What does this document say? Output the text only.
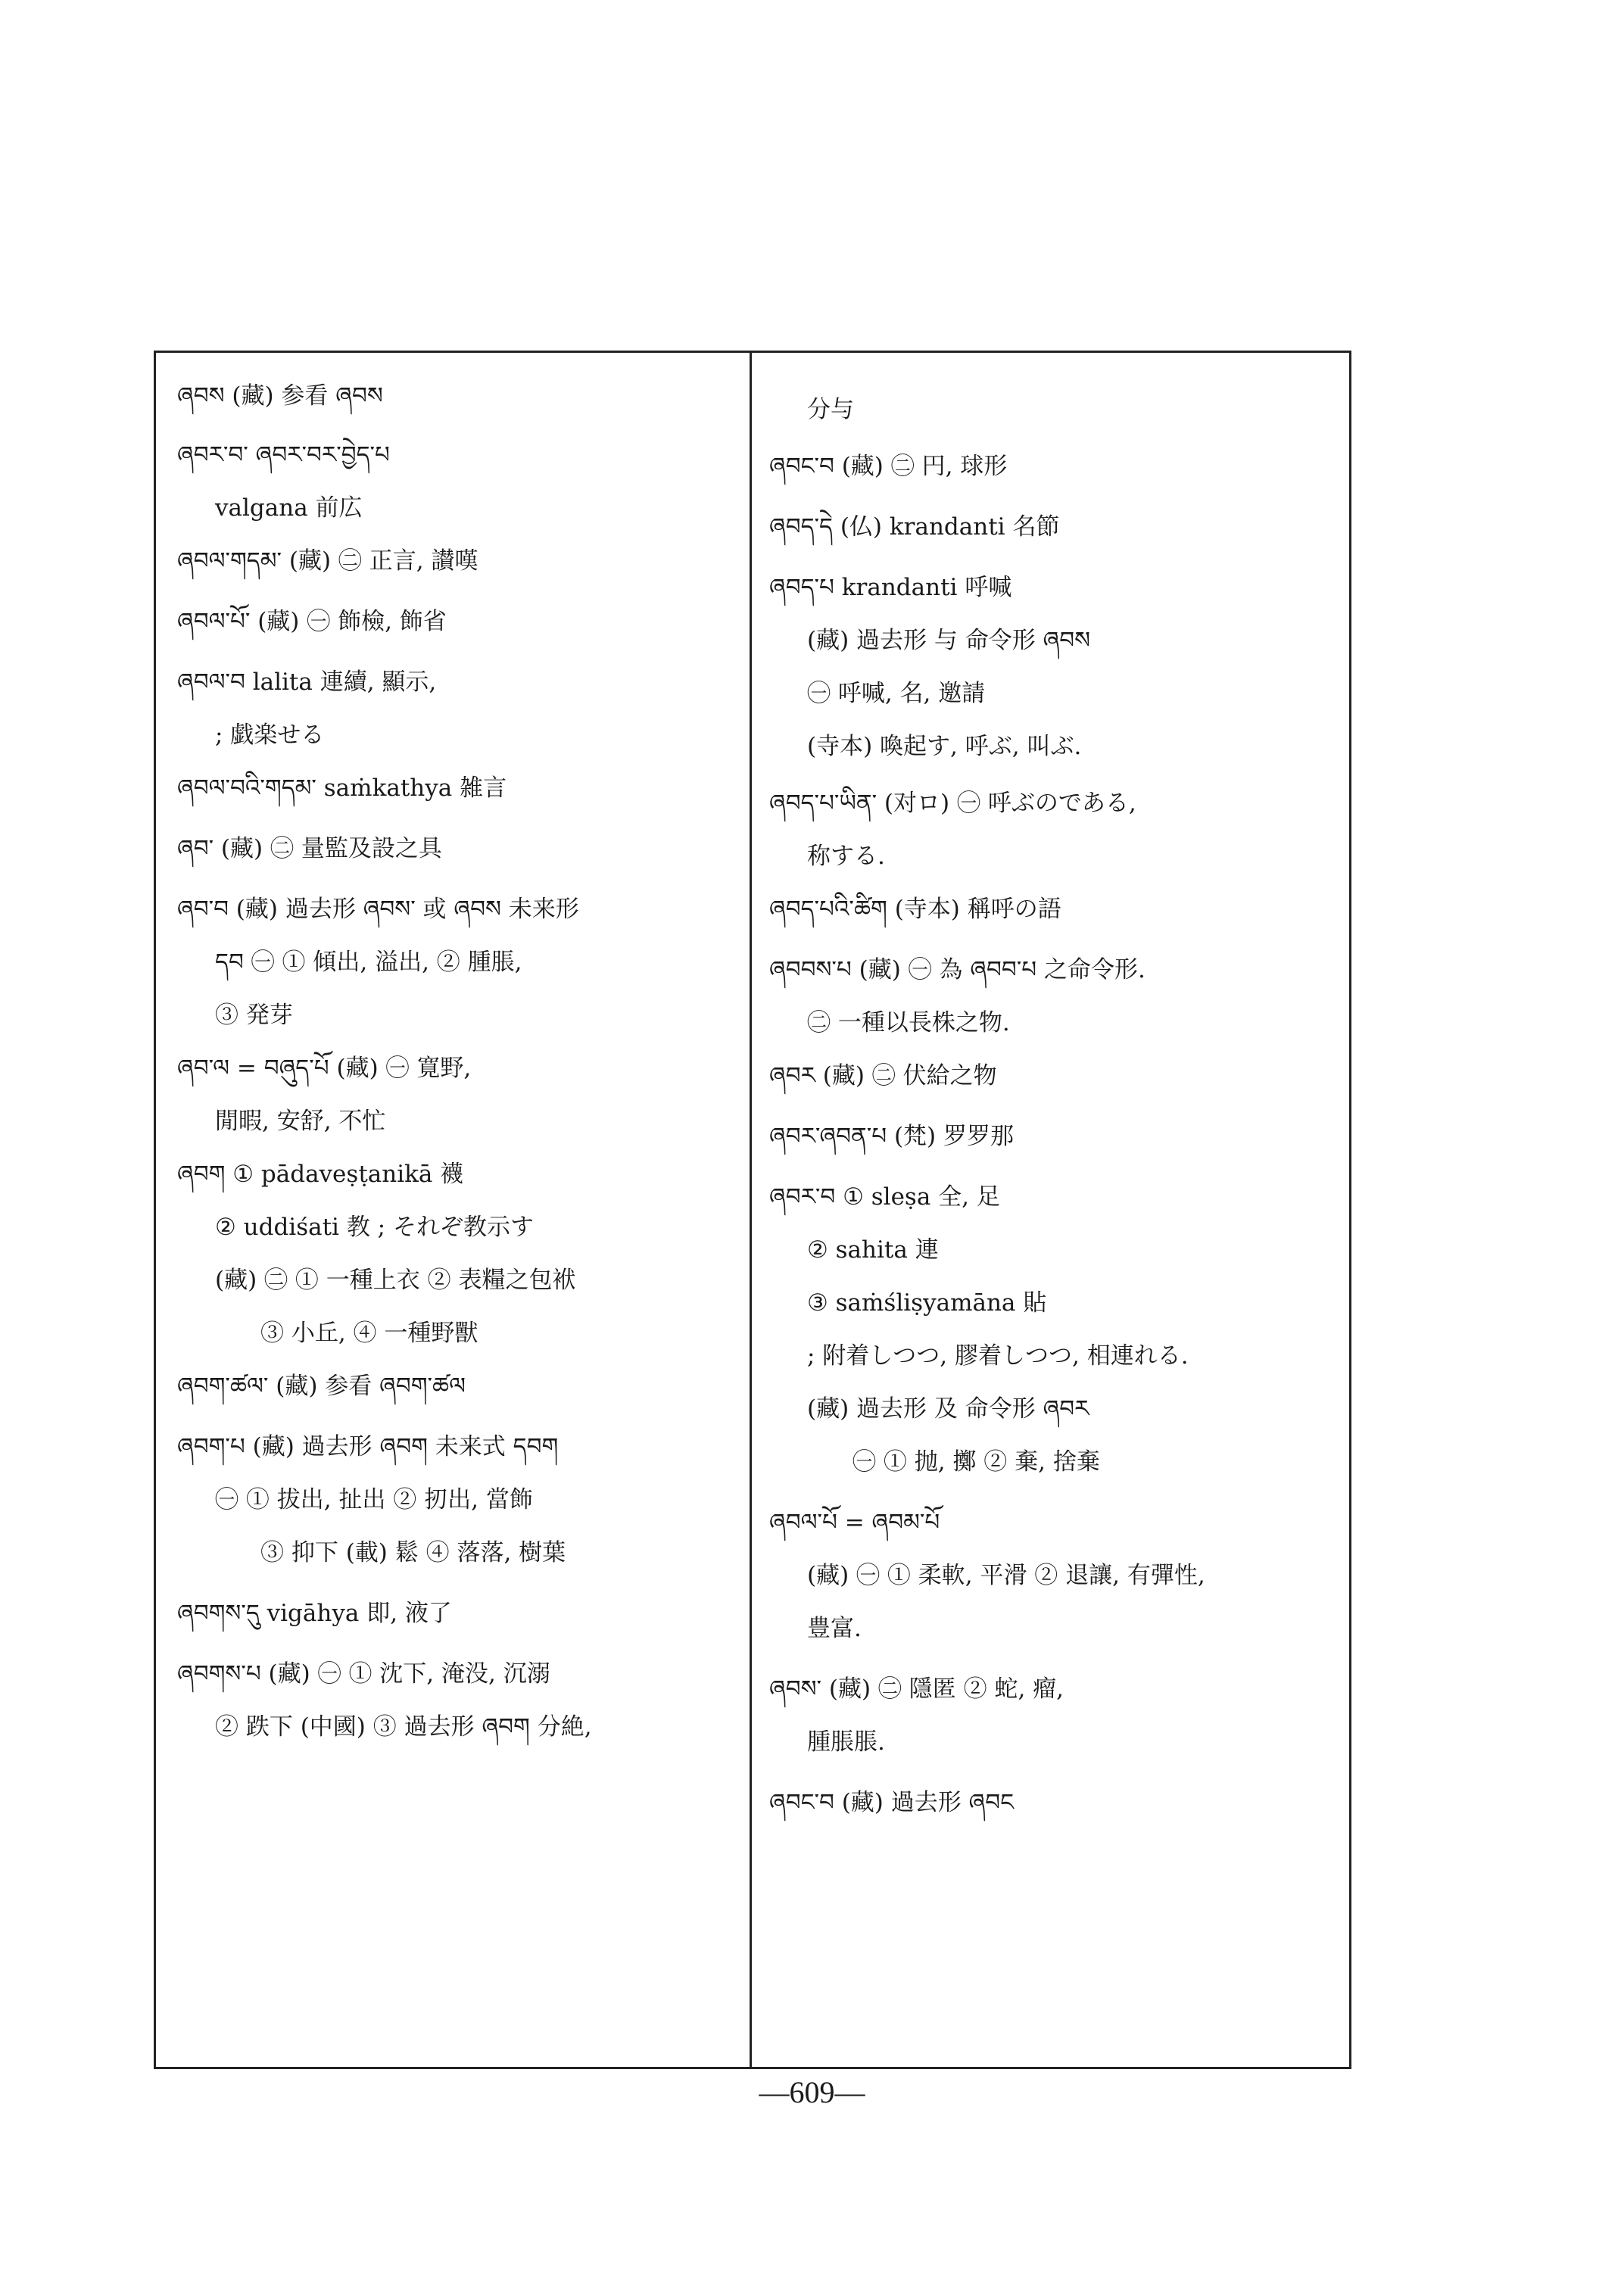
ཞབས (藏) 参看 ཞབས
ཞབར་བ་ ཞབར་བར་བྱེད་པ
valgana ​前広
ཞབལ་གདམ་ (藏) ㊁ 正言, 讃嘆
ཞབལ་པོ་ (藏) ㊀ 飾檢, 飾省
ཞབལ་བ lalita 連續, 顯示,
; 戯楽せる
ཞབལ་བའི་གདམ་ saṁkathya 雑言
ཞབ་ (藏) ㊁ 量監及設之具
ཞབ་བ (藏) 過去形 ཞབས་ 或 ཞབས 未来形
དབ ㊀ ① 傾出, 溢出, ② 腫脹,
③ 発芽
ཞབ་ལ = བཞུད་པོ (藏) ㊀ 寛野,
閒暇, 安舒, 不忙
ཞབག ① pādaveṣṭanikā 襪
② uddiśati 教 ; それぞ教示す
(藏) ㊁ ① 一種上衣 ② 表糧之包袱
③ 小丘, ④ 一種野獸
ཞབག་ཚལ་ (藏) 参看 ཞབག་ཚལ
ཞབག་པ (藏) 過去形 ཞབག 未来式 དབག
㊀ ① 拔出, 扯出 ② 扨出, 當飾
③ 抑下 (載) 鬆 ④ 落落, 樹葉
ཞབགས་དུ vigāhya 即, 液了
ཞབགས་པ (藏) ㊀ ① 沈下, 淹没, 沉溺
② 跌下 (中國) ③ 過去形 ཞབག 分絶,
分与
ཞབང་བ (藏) ㊁ 円, 球形
ཞབད་དེ (仏) krandanti 名節
ཞབད་པ krandanti 呼喊
(藏) 過去形 与 命令形 ཞབས
㊀ 呼喊, 名, 邀請
(寺本) 喚起す, 呼ぶ, 叫ぶ.
ཞབད་པ་ཡིན་ (对ロ) ㊀ 呼ぶのである,
称する.
ཞབད་པའི་ཚིག (寺本) 稱呼の語
ཞབབས་པ (藏) ㊀ 為 ཞབབ་པ 之命令形.
㊁ 一種以長株之物.
ཞབར (藏) ㊁ 伏給之物
ཞབར་ཞབན་པ (梵) 罗罗那
ཞབར་བ ① sleṣa 全, 足
② sahita 連
③ saṁśliṣyamāna 貼
; 附着しつつ, 膠着しつつ, 相連れる.
(藏) 過去形 及 命令形 ཞབར
㊀ ① 抛, 擲 ② 棄, 捨棄
ཞབལ་པོ = ཞབམ་པོ
(藏) ㊀ ① 柔軟, 平滑 ② 退讓, 有彈性,
豊富.
ཞབས་ (藏) ㊁ 隱匿 ② 蛇, 瘤,
腫脹脹.
ཞབང་བ (藏) 過去形 ཞབང
—609—
